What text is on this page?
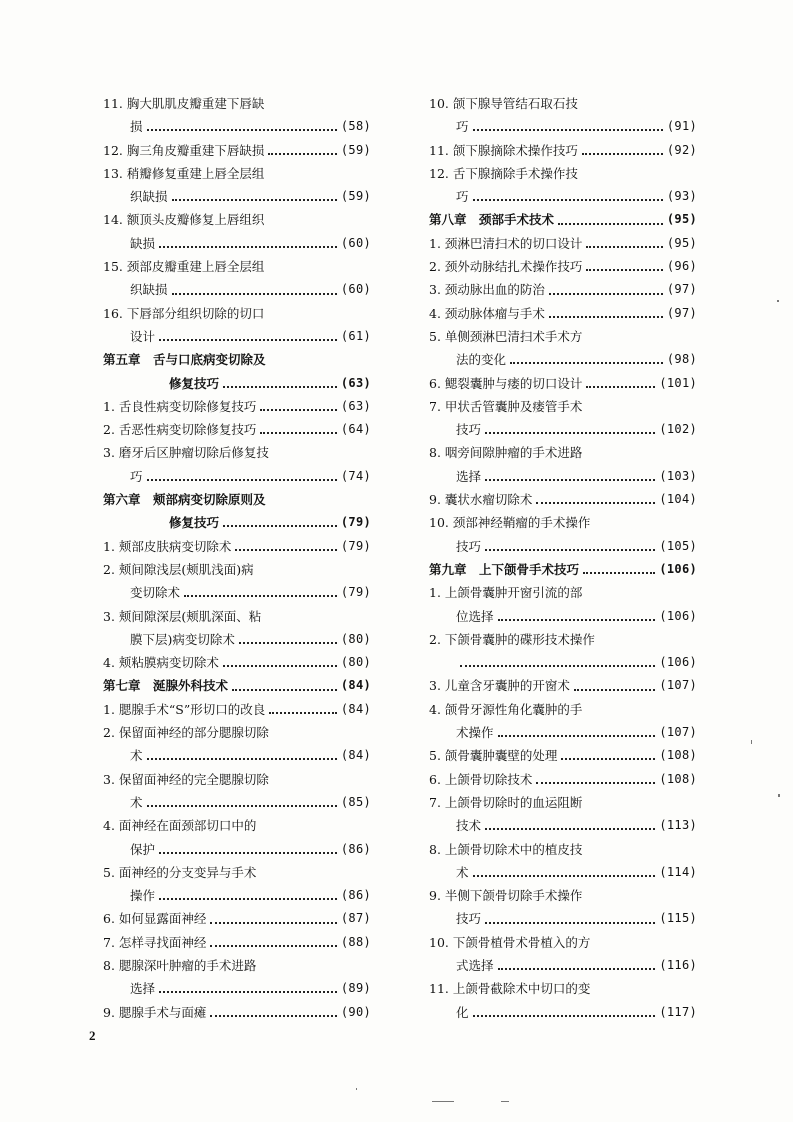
11. 胸大肌肌皮瓣重建下唇缺
损	(58)
12. 胸三角皮瓣重建下唇缺损	(59)
13. 稍瓣修复重建上唇全层组
织缺损	(59)
14. 额顶头皮瓣修复上唇组织
缺损	(60)
15. 颈部皮瓣重建上唇全层组
织缺损	(60)
16. 下唇部分组织切除的切口
设计	(61)
第五章　舌与口底病变切除及
修复技巧	(63)
1. 舌良性病变切除修复技巧	(63)
2. 舌恶性病变切除修复技巧	(64)
3. 磨牙后区肿瘤切除后修复技
巧	(74)
第六章　颊部病变切除原则及
修复技巧	(79)
1. 颊部皮肤病变切除术	(79)
2. 颊间隙浅层(颊肌浅面)病
变切除术	(79)
3. 颊间隙深层(颊肌深面、粘
膜下层)病变切除术	(80)
4. 颊粘膜病变切除术	(80)
第七章　涎腺外科技术	(84)
1. 腮腺手术“S”形切口的改良	(84)
2. 保留面神经的部分腮腺切除
术	(84)
3. 保留面神经的完全腮腺切除
术	(85)
4. 面神经在面颈部切口中的
保护	(86)
5. 面神经的分支变异与手术
操作	(86)
6. 如何显露面神经	(87)
7. 怎样寻找面神经	(88)
8. 腮腺深叶肿瘤的手术进路
选择	(89)
9. 腮腺手术与面瘫	(90)
10. 颌下腺导管结石取石技
巧	(91)
11. 颌下腺摘除术操作技巧	(92)
12. 舌下腺摘除手术操作技
巧	(93)
第八章　颈部手术技术	(95)
1. 颈淋巴清扫术的切口设计	(95)
2. 颈外动脉结扎术操作技巧	(96)
3. 颈动脉出血的防治	(97)
4. 颈动脉体瘤与手术	(97)
5. 单侧颈淋巴清扫术手术方
法的变化	(98)
6. 鳃裂囊肿与瘘的切口设计	(101)
7. 甲状舌管囊肿及瘘管手术
技巧	(102)
8. 咽旁间隙肿瘤的手术进路
选择	(103)
9. 囊状水瘤切除术	(104)
10. 颈部神经鞘瘤的手术操作
技巧	(105)
第九章　上下颌骨手术技巧	(106)
1. 上颌骨囊肿开窗引流的部
位选择	(106)
2. 下颌骨囊肿的碟形技术操作
(106)
3. 儿童含牙囊肿的开窗术	(107)
4. 颌骨牙源性角化囊肿的手
术操作	(107)
5. 颌骨囊肿囊壁的处理	(108)
6. 上颌骨切除技术	(108)
7. 上颌骨切除时的血运阻断
技术	(113)
8. 上颌骨切除术中的植皮技
术	(114)
9. 半侧下颌骨切除手术操作
技巧	(115)
10. 下颌骨植骨术骨植入的方
式选择	(116)
11. 上颌骨截除术中切口的变
化	(117)
2
